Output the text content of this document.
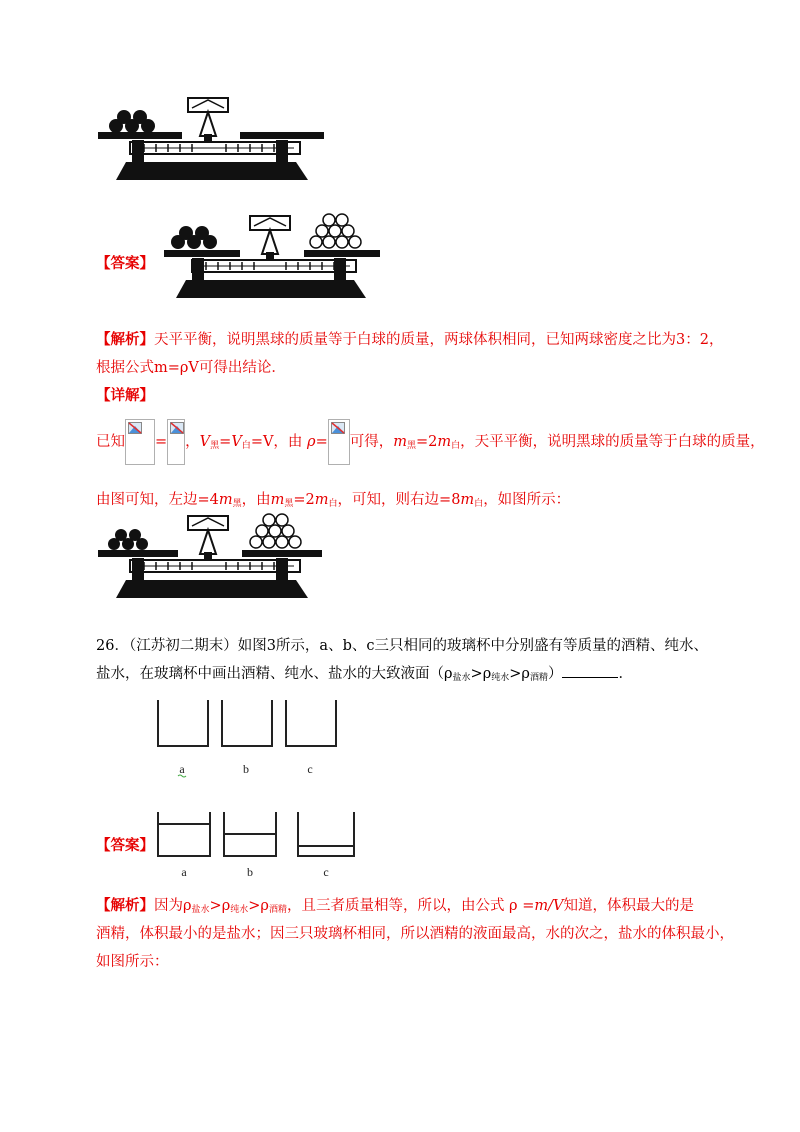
【答案】
【解析】天平平衡，说明黑球的质量等于白球的质量，两球体积相同，已知两球密度之比为3：2，
根据公式m=ρV可得出结论．
【详解】
已知 = ，$V_黑=V_白=V$，由 ρ= 可得，$m_黑=2m_白$，天平平衡，说明黑球的质量等于白球的质量，
由图可知，左边$=4m_黑$，由$m_黑=2m_白$，可知，则右边$=8m_白$，如图所示：
26．（江苏初二期末）如图3所示，a、b、c三只相同的玻璃杯中分别盛有等质量的酒精、纯水、
盐水，在玻璃杯中画出酒精、纯水、盐水的大致液面$(\rho_{盐水}>\rho_{纯水}>\rho_{酒精})$	．
a	b	c
【答案】
a	b	c
【解析】因为$\rho_{盐水}>\rho_{纯水}>\rho_{酒精}$，且三者质量相等，所以，由公式 ρ =m/V知道，体积最大的是
酒精，体积最小的是盐水；因三只玻璃杯相同，所以酒精的液面最高，水的次之，盐水的体积最小，
如图所示：
